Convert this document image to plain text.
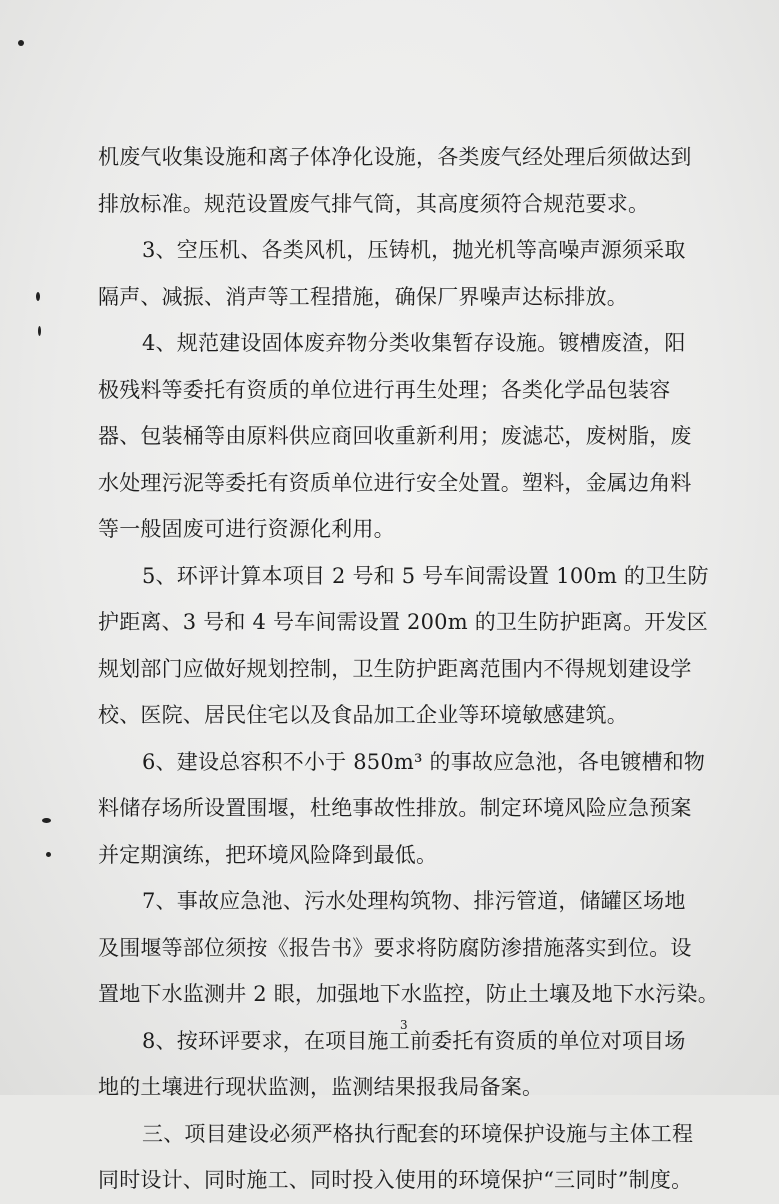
机废气收集设施和离子体净化设施，各类废气经处理后须做达到
排放标准。规范设置废气排气筒，其高度须符合规范要求。
3、空压机、各类风机，压铸机，抛光机等高噪声源须采取
隔声、减振、消声等工程措施，确保厂界噪声达标排放。
4、规范建设固体废弃物分类收集暂存设施。镀槽废渣，阳
极残料等委托有资质的单位进行再生处理；各类化学品包装容
器、包装桶等由原料供应商回收重新利用；废滤芯，废树脂，废
水处理污泥等委托有资质单位进行安全处置。塑料，金属边角料
等一般固废可进行资源化利用。
5、环评计算本项目 2 号和 5 号车间需设置 100m 的卫生防
护距离、3 号和 4 号车间需设置 200m 的卫生防护距离。开发区
规划部门应做好规划控制，卫生防护距离范围内不得规划建设学
校、医院、居民住宅以及食品加工企业等环境敏感建筑。
6、建设总容积不小于 850m³ 的事故应急池，各电镀槽和物
料储存场所设置围堰，杜绝事故性排放。制定环境风险应急预案
并定期演练，把环境风险降到最低。
7、事故应急池、污水处理构筑物、排污管道，储罐区场地
及围堰等部位须按《报告书》要求将防腐防渗措施落实到位。设
置地下水监测井 2 眼，加强地下水监控，防止土壤及地下水污染。
8、按环评要求，在项目施工前委托有资质的单位对项目场
地的土壤进行现状监测，监测结果报我局备案。
三、项目建设必须严格执行配套的环境保护设施与主体工程
同时设计、同时施工、同时投入使用的环境保护“三同时”制度。
3
